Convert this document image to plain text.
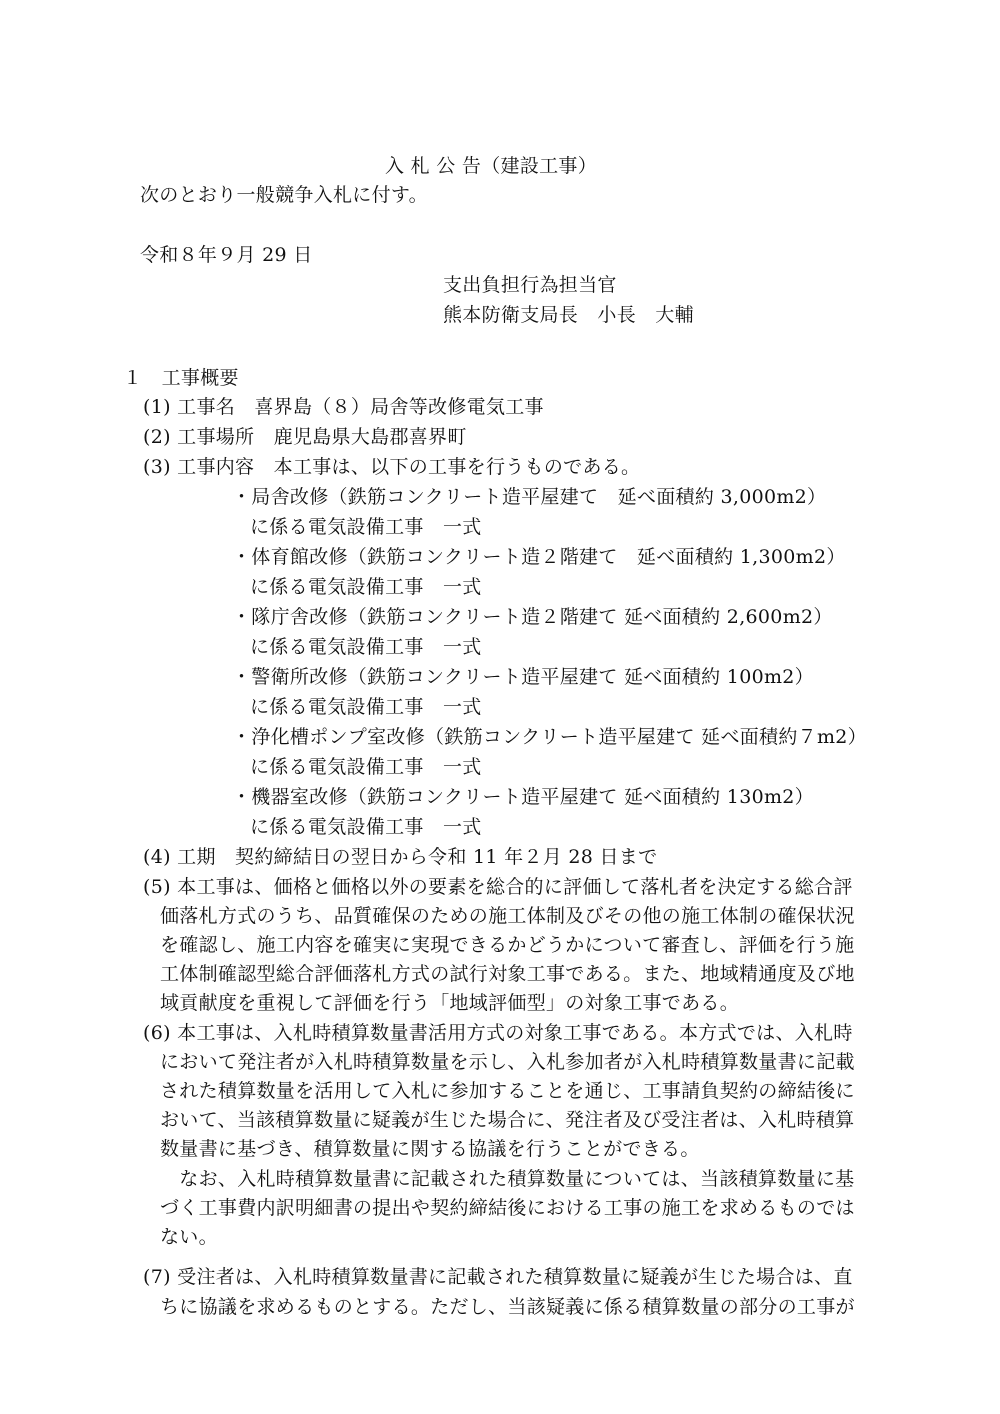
入 札 公 告（建設工事）
次のとおり一般競争入札に付す。
令和８年９月 29 日
支出負担行為担当官
熊本防衛支局長　小長　大輔
１　工事概要
(1) 工事名　喜界島（８）局舎等改修電気工事
(2) 工事場所　鹿児島県大島郡喜界町
(3) 工事内容　本工事は、以下の工事を行うものである。
・局舎改修（鉄筋コンクリート造平屋建て　延べ面積約 3,000m2）
に係る電気設備工事　一式
・体育館改修（鉄筋コンクリート造２階建て　延べ面積約 1,300m2）
に係る電気設備工事　一式
・隊庁舎改修（鉄筋コンクリート造２階建て 延べ面積約 2,600m2）
に係る電気設備工事　一式
・警衛所改修（鉄筋コンクリート造平屋建て 延べ面積約 100m2）
に係る電気設備工事　一式
・浄化槽ポンプ室改修（鉄筋コンクリート造平屋建て 延べ面積約７m2）
に係る電気設備工事　一式
・機器室改修（鉄筋コンクリート造平屋建て 延べ面積約 130m2）
に係る電気設備工事　一式
(4) 工期　契約締結日の翌日から令和 11 年２月 28 日まで
(5) 本工事は、価格と価格以外の要素を総合的に評価して落札者を決定する総合評
価落札方式のうち、品質確保のための施工体制及びその他の施工体制の確保状況
を確認し、施工内容を確実に実現できるかどうかについて審査し、評価を行う施
工体制確認型総合評価落札方式の試行対象工事である。また、地域精通度及び地
域貢献度を重視して評価を行う「地域評価型」の対象工事である。
(6) 本工事は、入札時積算数量書活用方式の対象工事である。本方式では、入札時
において発注者が入札時積算数量を示し、入札参加者が入札時積算数量書に記載
された積算数量を活用して入札に参加することを通じ、工事請負契約の締結後に
おいて、当該積算数量に疑義が生じた場合に、発注者及び受注者は、入札時積算
数量書に基づき、積算数量に関する協議を行うことができる。
　なお、入札時積算数量書に記載された積算数量については、当該積算数量に基
づく工事費内訳明細書の提出や契約締結後における工事の施工を求めるものでは
ない。
(7) 受注者は、入札時積算数量書に記載された積算数量に疑義が生じた場合は、直
ちに協議を求めるものとする。ただし、当該疑義に係る積算数量の部分の工事が
